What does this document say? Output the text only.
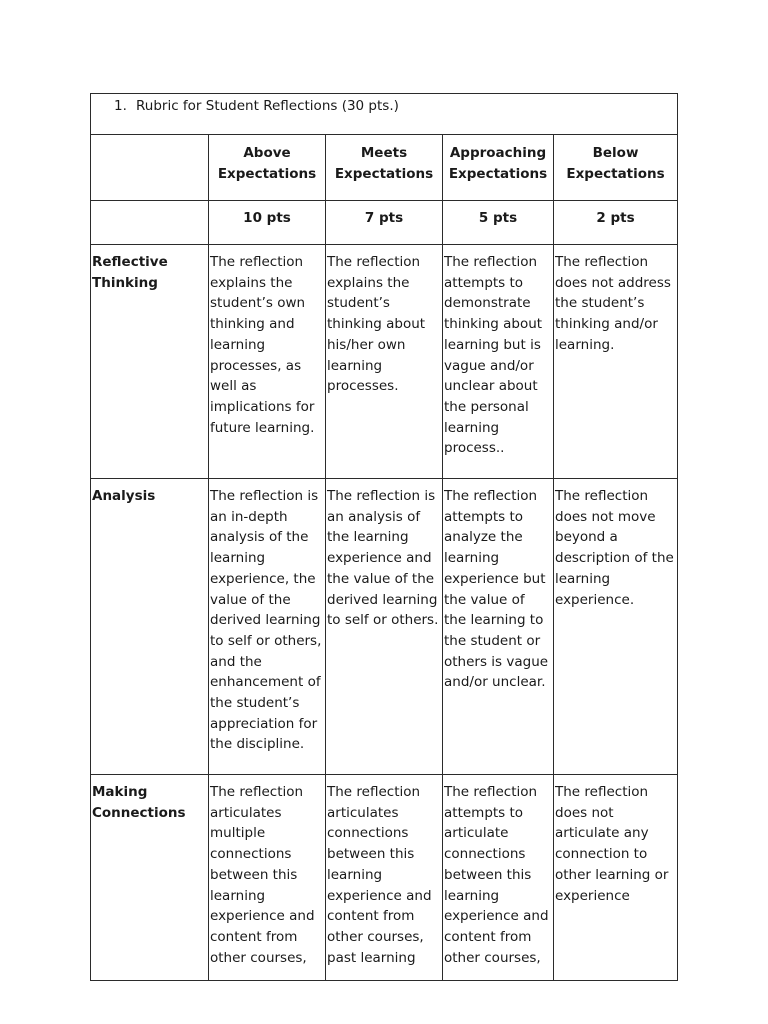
1. Rubric for Student Reflections (30 pts.)				
	Above Expectations	Meets Expectations	Approaching Expectations	Below Expectations
	10 pts	7 pts	5 pts	2 pts
Reflective Thinking	The reflection explains the student’s own thinking and learning processes, as well as implications for future learning.	The reflection explains the student’s thinking about his/her own learning processes.	The reflection attempts to demonstrate thinking about learning but is vague and/or unclear about the personal learning process..	The reflection does not address the student’s thinking and/or learning.
Analysis	The reflection is an in-depth analysis of the learning experience, the value of the derived learning to self or others, and the enhancement of the student’s appreciation for the discipline.	The reflection is an analysis of the learning experience and the value of the derived learning to self or others.	The reflection attempts to analyze the learning experience but the value of the learning to the student or others is vague and/or unclear.	The reflection does not move beyond a description of the learning experience.
Making Connections	The reflection articulates multiple connections between this learning experience and content from other courses,	The reflection articulates connections between this learning experience and content from other courses, past learning	The reflection attempts to articulate connections between this learning experience and content from other courses,	The reflection does not articulate any connection to other learning or experience
